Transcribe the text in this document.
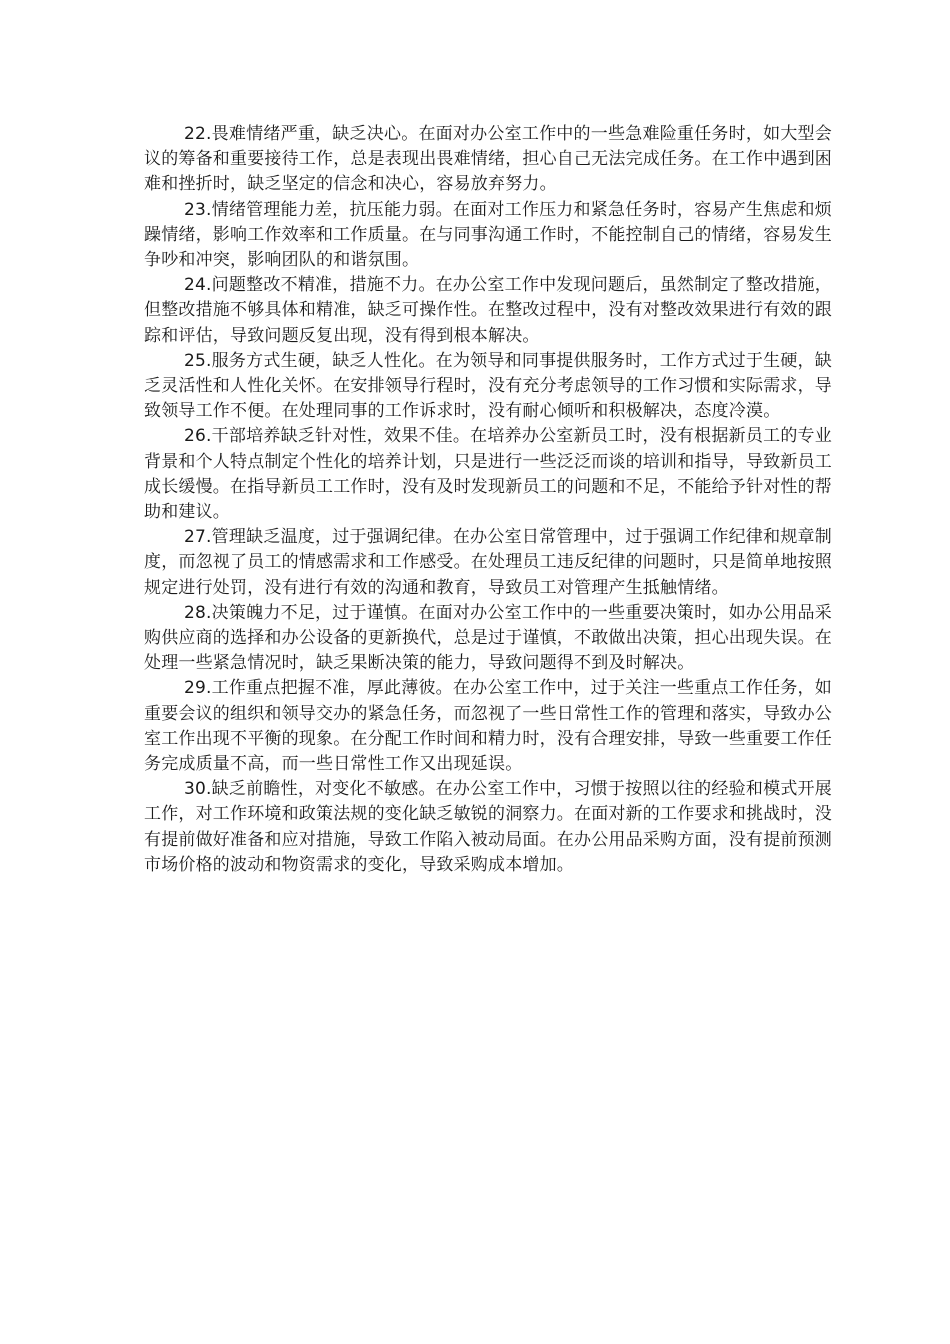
22.畏难情绪严重，缺乏决心。在面对办公室工作中的一些急难险重任务时，如大型会议的筹备和重要接待工作，总是表现出畏难情绪，担心自己无法完成任务。在工作中遇到困难和挫折时，缺乏坚定的信念和决心，容易放弃努力。

23.情绪管理能力差，抗压能力弱。在面对工作压力和紧急任务时，容易产生焦虑和烦躁情绪，影响工作效率和工作质量。在与同事沟通工作时，不能控制自己的情绪，容易发生争吵和冲突，影响团队的和谐氛围。

24.问题整改不精准，措施不力。在办公室工作中发现问题后，虽然制定了整改措施，但整改措施不够具体和精准，缺乏可操作性。在整改过程中，没有对整改效果进行有效的跟踪和评估，导致问题反复出现，没有得到根本解决。

25.服务方式生硬，缺乏人性化。在为领导和同事提供服务时，工作方式过于生硬，缺乏灵活性和人性化关怀。在安排领导行程时，没有充分考虑领导的工作习惯和实际需求，导致领导工作不便。在处理同事的工作诉求时，没有耐心倾听和积极解决，态度冷漠。

26.干部培养缺乏针对性，效果不佳。在培养办公室新员工时，没有根据新员工的专业背景和个人特点制定个性化的培养计划，只是进行一些泛泛而谈的培训和指导，导致新员工成长缓慢。在指导新员工工作时，没有及时发现新员工的问题和不足，不能给予针对性的帮助和建议。

27.管理缺乏温度，过于强调纪律。在办公室日常管理中，过于强调工作纪律和规章制度，而忽视了员工的情感需求和工作感受。在处理员工违反纪律的问题时，只是简单地按照规定进行处罚，没有进行有效的沟通和教育，导致员工对管理产生抵触情绪。

28.决策魄力不足，过于谨慎。在面对办公室工作中的一些重要决策时，如办公用品采购供应商的选择和办公设备的更新换代，总是过于谨慎，不敢做出决策，担心出现失误。在处理一些紧急情况时，缺乏果断决策的能力，导致问题得不到及时解决。

29.工作重点把握不准，厚此薄彼。在办公室工作中，过于关注一些重点工作任务，如重要会议的组织和领导交办的紧急任务，而忽视了一些日常性工作的管理和落实，导致办公室工作出现不平衡的现象。在分配工作时间和精力时，没有合理安排，导致一些重要工作任务完成质量不高，而一些日常性工作又出现延误。

30.缺乏前瞻性，对变化不敏感。在办公室工作中，习惯于按照以往的经验和模式开展工作，对工作环境和政策法规的变化缺乏敏锐的洞察力。在面对新的工作要求和挑战时，没有提前做好准备和应对措施，导致工作陷入被动局面。在办公用品采购方面，没有提前预测市场价格的波动和物资需求的变化，导致采购成本增加。
